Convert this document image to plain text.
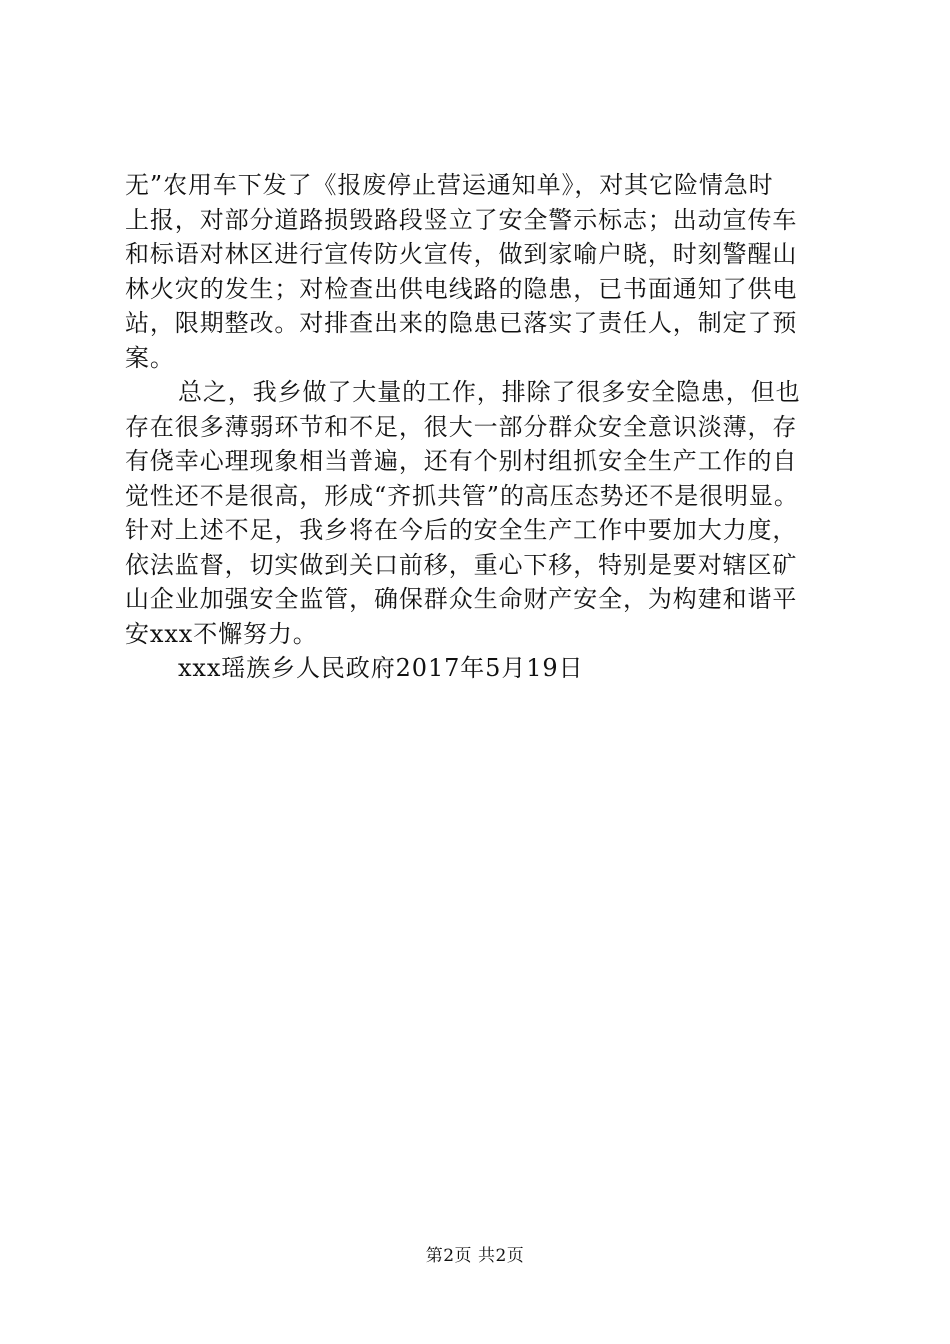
无”农用车下发了《报废停止营运通知单》，对其它险情急时
上报，对部分道路损毁路段竖立了安全警示标志；出动宣传车
和标语对林区进行宣传防火宣传，做到家喻户晓，时刻警醒山
林火灾的发生；对检查出供电线路的隐患，已书面通知了供电
站，限期整改。对排查出来的隐患已落实了责任人，制定了预
案。
总之，我乡做了大量的工作，排除了很多安全隐患，但也
存在很多薄弱环节和不足，很大一部分群众安全意识淡薄，存
有侥幸心理现象相当普遍，还有个别村组抓安全生产工作的自
觉性还不是很高，形成“齐抓共管”的高压态势还不是很明显。
针对上述不足，我乡将在今后的安全生产工作中要加大力度，
依法监督，切实做到关口前移，重心下移，特别是要对辖区矿
山企业加强安全监管，确保群众生命财产安全，为构建和谐平
安xxx不懈努力。
xxx瑶族乡人民政府2017年5月19日
第2页 共2页
